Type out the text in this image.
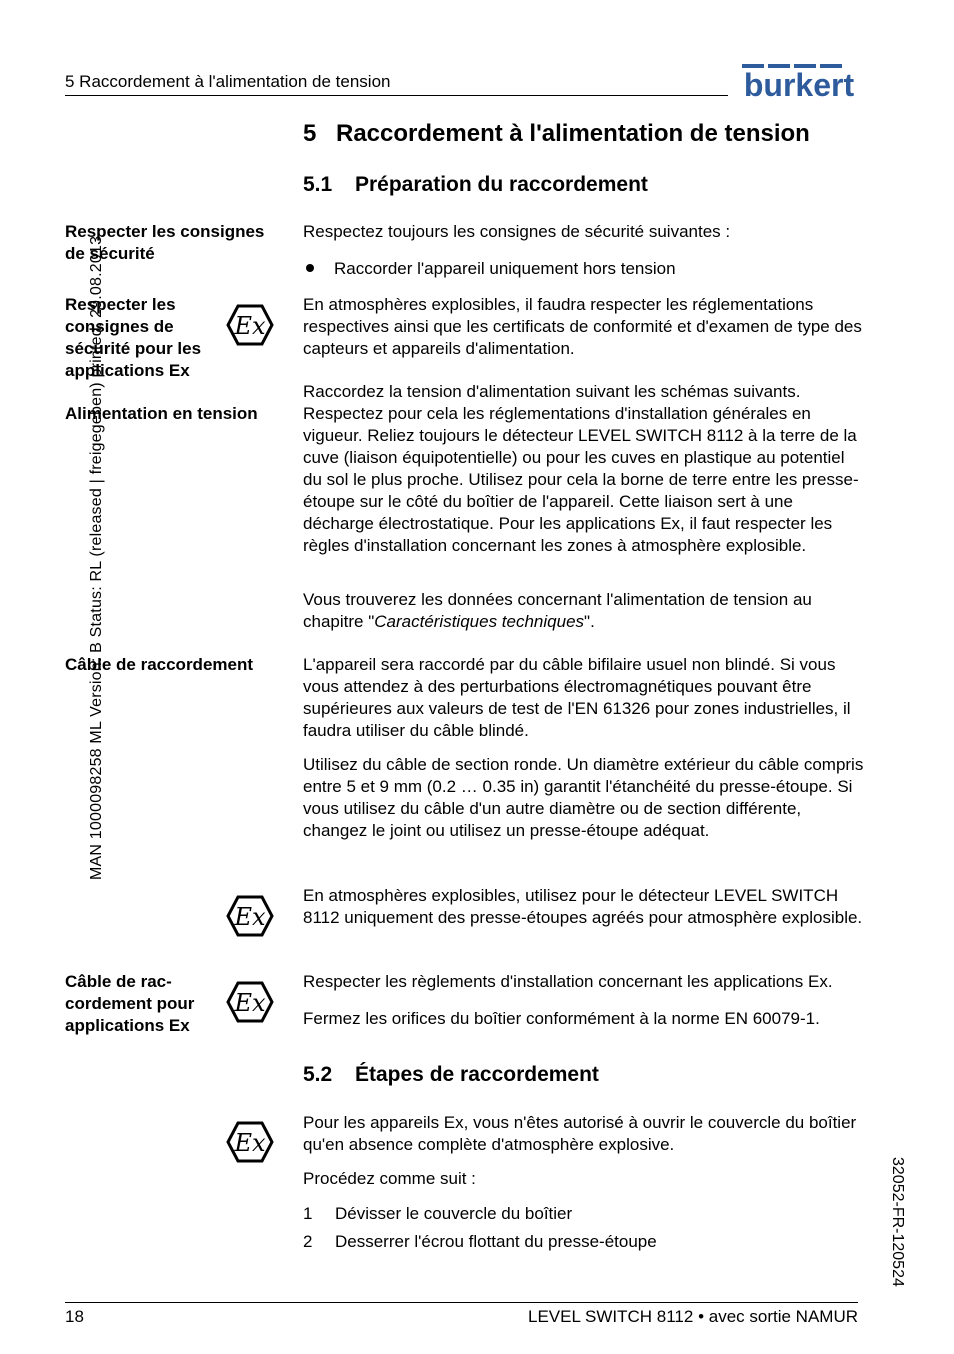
5 Raccordement à l'alimentation de tension	burkert
MAN 1000098258 ML Version: B Status: RL (released | freigegeben) printed: 29.08.2013
32052-FR-120524
5 Raccordement à l'alimentation de tension
5.1 Préparation du raccordement
Respecter les consignes de sécurité
Respecter les consignes de sécurité pour les applications Ex
Alimentation en tension
Câble de raccordement
Câble de rac-cordement pour applications Ex
Ex
Ex
Ex
Ex

Respectez toujours les consignes de sécurité suivantes :

Raccorder l'appareil uniquement hors tension

En atmosphères explosibles, il faudra respecter les réglementations respectives ainsi que les certificats de conformité et d'examen de type des capteurs et appareils d'alimentation.

Raccordez la tension d'alimentation suivant les schémas suivants. Respectez pour cela les réglementations d'installation générales en vigueur. Reliez toujours le détecteur LEVEL SWITCH 8112 à la terre de la cuve (liaison équipotentielle) ou pour les cuves en plastique au potentiel du sol le plus proche. Utilisez pour cela la borne de terre entre les presse-étoupe sur le côté du boîtier de l'appareil. Cette liaison sert à une décharge électrostatique. Pour les applications Ex, il faut respecter les règles d'installation concernant les zones à atmosphère explosible.

Vous trouverez les données concernant l'alimentation de tension au chapitre "Caractéristiques techniques".

L'appareil sera raccordé par du câble bifilaire usuel non blindé. Si vous vous attendez à des perturbations électromagnétiques pouvant être supérieures aux valeurs de test de l'EN 61326 pour zones industrielles, il faudra utiliser du câble blindé.

Utilisez du câble de section ronde. Un diamètre extérieur du câble compris entre 5 et 9 mm (0.2 … 0.35 in) garantit l'étanchéité du presse-étoupe. Si vous utilisez du câble d'un autre diamètre ou de section différente, changez le joint ou utilisez un presse-étoupe adéquat.

En atmosphères explosibles, utilisez pour le détecteur LEVEL SWITCH 8112 uniquement des presse-étoupes agréés pour atmosphère explosible.

Respecter les règlements d'installation concernant les applications Ex.

Fermez les orifices du boîtier conformément à la norme EN 60079-1.

5.2 Étapes de raccordement

Pour les appareils Ex, vous n'êtes autorisé à ouvrir le couvercle du boîtier qu'en absence complète d'atmosphère explosive.

Procédez comme suit :

1 Dévisser le couvercle du boîtier
2 Desserrer l'écrou flottant du presse-étoupe
18	LEVEL SWITCH 8112 • avec sortie NAMUR
